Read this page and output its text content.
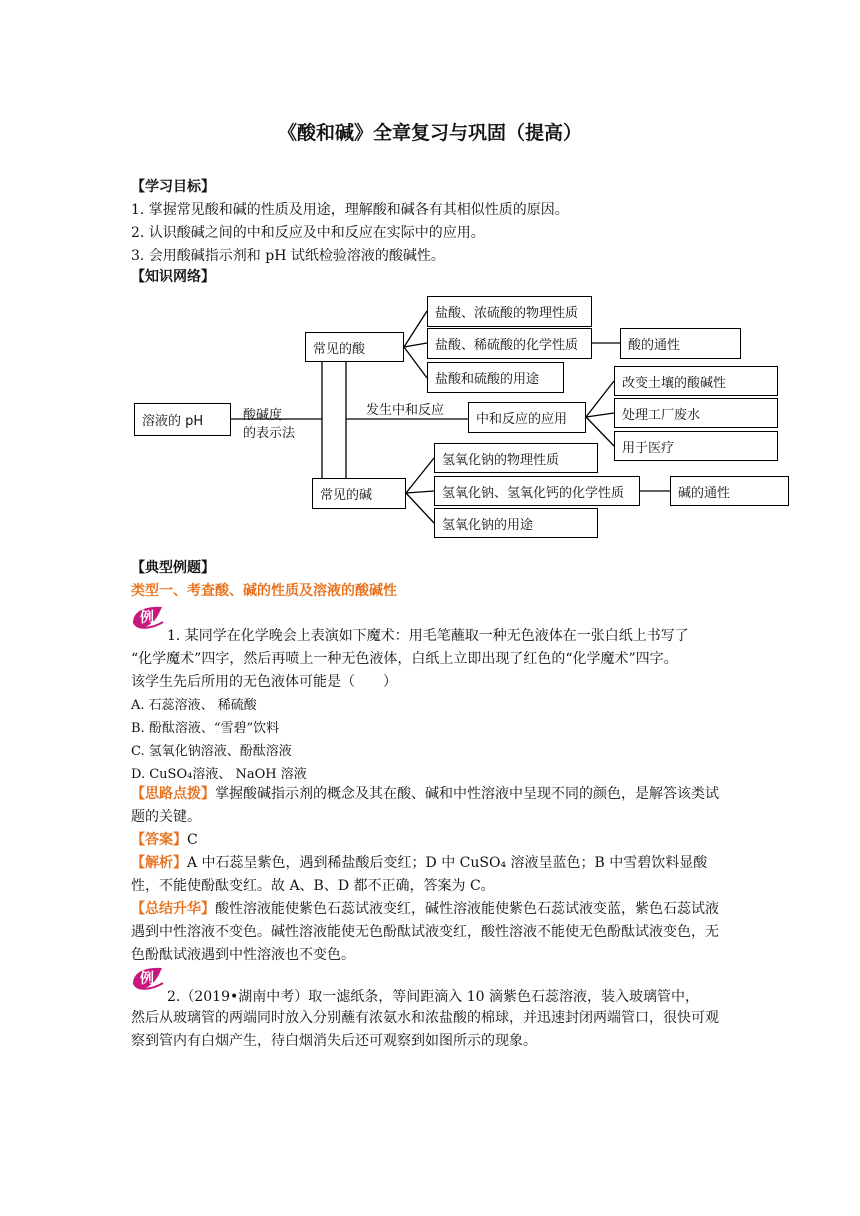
《酸和碱》全章复习与巩固（提高）
【学习目标】
1. 掌握常见酸和碱的性质及用途，理解酸和碱各有其相似性质的原因。
2. 认识酸碱之间的中和反应及中和反应在实际中的应用。
3. 会用酸碱指示剂和 pH 试纸检验溶液的酸碱性。
【知识网络】
溶液的 pH	酸碱度
的表示法
常见的酸
盐酸、浓硫酸的物理性质
盐酸、稀硫酸的化学性质
盐酸和硫酸的用途
酸的通性
发生中和反应
中和反应的应用
改变土壤的酸碱性
处理工厂废水
用于医疗
常见的碱
氢氧化钠的物理性质
氢氧化钠、氢氧化钙的化学性质
氢氧化钠的用途
碱的通性
【典型例题】
类型一、考查酸、碱的性质及溶液的酸碱性
例
1. 某同学在化学晚会上表演如下魔术：用毛笔蘸取一种无色液体在一张白纸上书写了
“化学魔术”四字，然后再喷上一种无色液体，白纸上立即出现了红色的“化学魔术”四字。
该学生先后所用的无色液体可能是（　　）
A. 石蕊溶液、 稀硫酸
B. 酚酞溶液、“雪碧”饮料
C. 氢氧化钠溶液、酚酞溶液
D. CuSO₄溶液、 NaOH 溶液
【思路点拨】掌握酸碱指示剂的概念及其在酸、碱和中性溶液中呈现不同的颜色，是解答该类试题的关键。
【答案】C
【解析】A 中石蕊呈紫色，遇到稀盐酸后变红；D 中 CuSO₄ 溶液呈蓝色；B 中雪碧饮料显酸性，不能使酚酞变红。故 A、B、D 都不正确，答案为 C。
【总结升华】酸性溶液能使紫色石蕊试液变红，碱性溶液能使紫色石蕊试液变蓝，紫色石蕊试液遇到中性溶液不变色。碱性溶液能使无色酚酞试液变红，酸性溶液不能使无色酚酞试液变色，无色酚酞试液遇到中性溶液也不变色。
例
2.（2019•湖南中考）取一滤纸条，等间距滴入 10 滴紫色石蕊溶液，装入玻璃管中，
然后从玻璃管的两端同时放入分别蘸有浓氨水和浓盐酸的棉球，并迅速封闭两端管口，很快可观察到管内有白烟产生，待白烟消失后还可观察到如图所示的现象。
